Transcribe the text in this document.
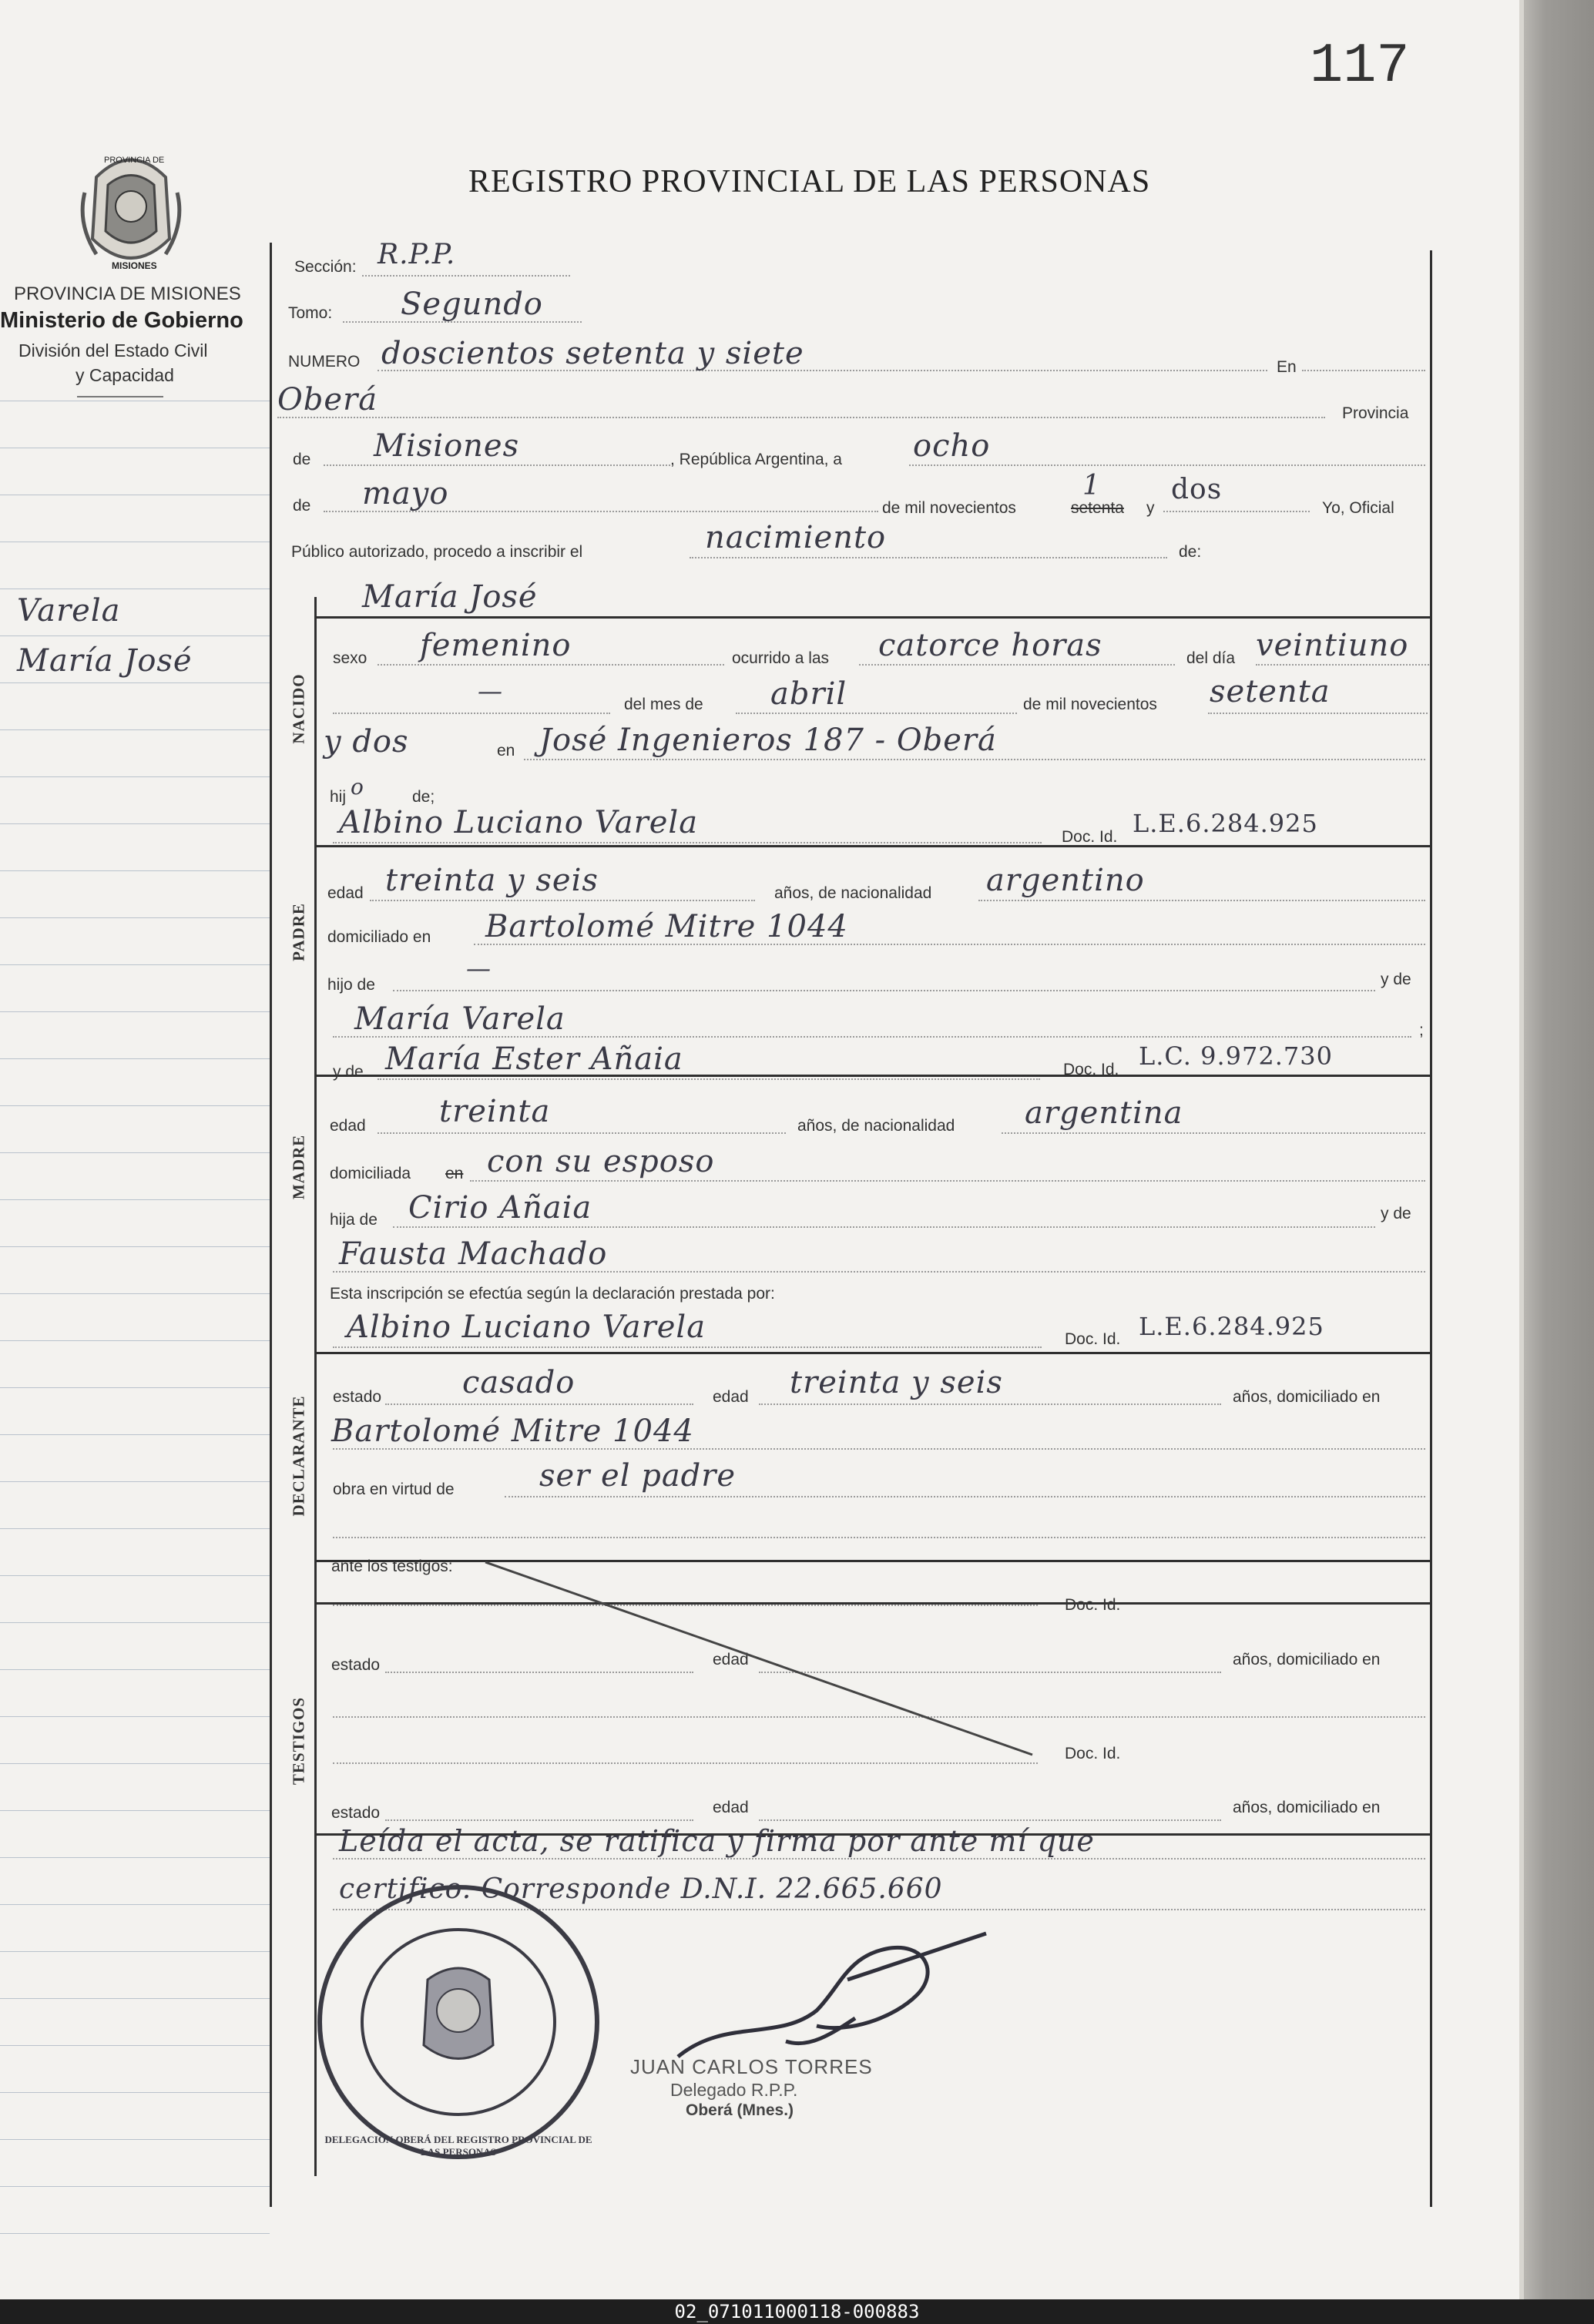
117
REGISTRO PROVINCIAL DE LAS PERSONAS
PROVINCIA DE
MISIONES
PROVINCIA DE MISIONES
Ministerio de Gobierno
División del Estado Civil
y Capacidad
Varela
María José
NACIDO
PADRE
MADRE
DECLARANTE
TESTIGOS
Sección: R.P.P.
Tomo: Segundo
NUMERO doscientos setenta y siete	En
Oberá	Provincia
de Misiones	, República Argentina, a ocho
de mayo	de mil novecientos	setenta
1
y
dos
Yo, Oficial
Público autorizado, procedo a inscribir el	nacimiento	de:
María José
sexo femenino	ocurrido a las catorce horas	del día veintiuno
—	del mes de abril	de mil novecientos setenta
y dos	en José Ingenieros 187 - Oberá
hij o	de;
Albino Luciano Varela	Doc. Id. L.E.6.284.925
edad treinta y seis	años, de nacionalidad argentino
domiciliado en Bartolomé Mitre 1044
hijo de
—	y de
María Varela	;
y de María Ester Añaia	Doc. Id. L.C. 9.972.730
edad treinta	años, de nacionalidad argentina
domiciliada en con su esposo
hija de Ciriο Añaia	y de
Fausta Machado
Esta inscripción se efectúa según la declaración prestada por:
Albino Luciano Varela	Doc. Id. L.E.6.284.925
estado	casado	edad treinta y seis	años, domiciliado en
Bartolomé Mitre 1044
obra en virtud de	ser el padre
ante los testigos:
Doc. Id.
estado	edad	años, domiciliado en
Doc. Id.
estado	edad	años, domiciliado en
Leída el acta, se ratifica y firma por ante mí que
certifico. Corresponde D.N.I. 22.665.660
DELEGACIÓN OBERÁ DEL REGISTRO PROVINCIAL DE LAS PERSONAS
JUAN CARLOS TORRES
Delegado R.P.P.
Oberá (Mnes.)
02_071011000118-000883
